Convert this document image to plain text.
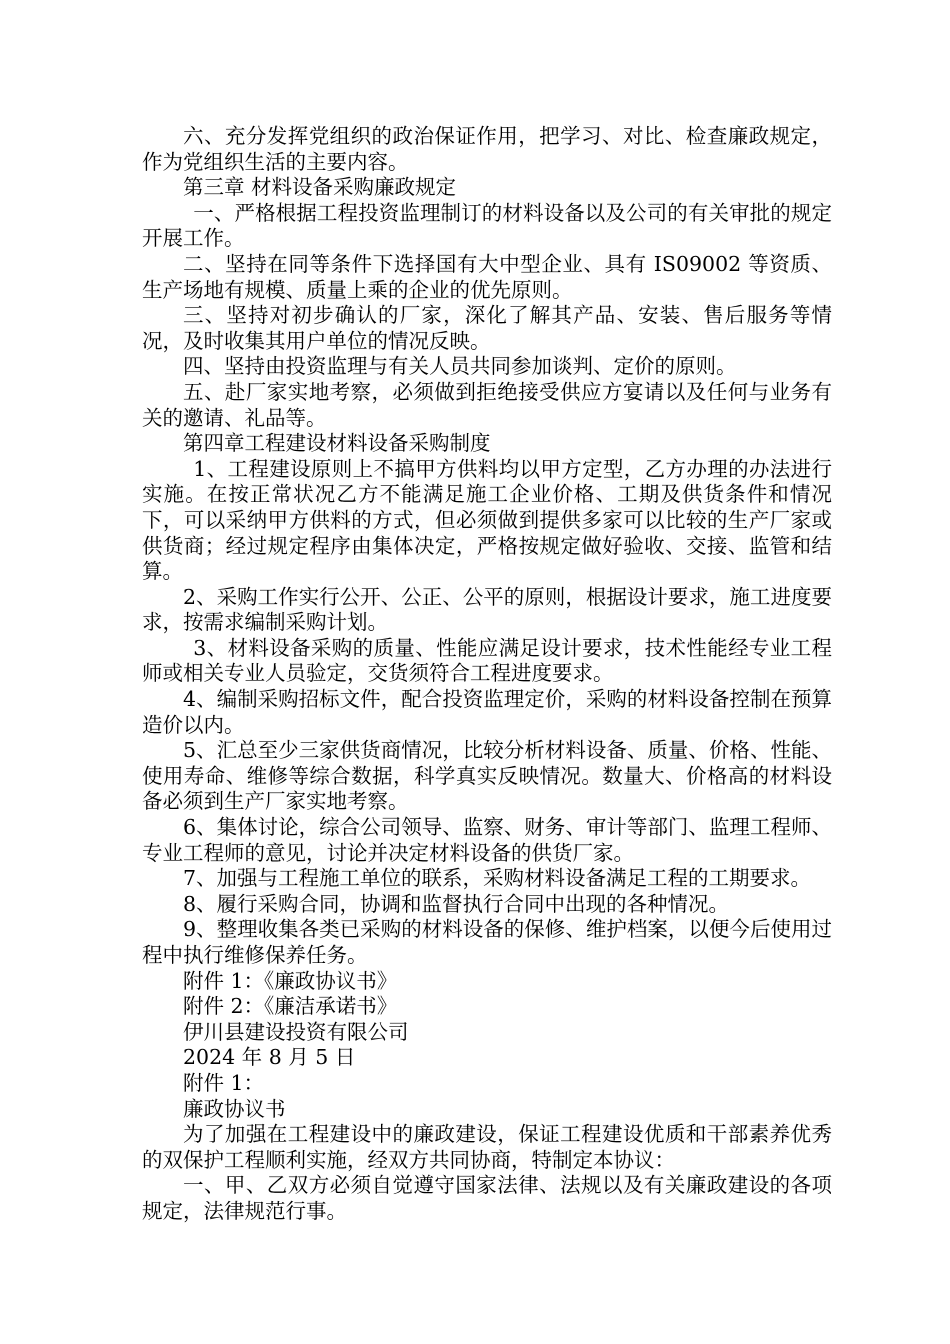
六、充分发挥党组织的政治保证作用，把学习、对比、检查廉政规定，作为党组织生活的主要内容。

第三章 材料设备采购廉政规定

一、严格根据工程投资监理制订的材料设备以及公司的有关审批的规定开展工作。

二、坚持在同等条件下选择国有大中型企业、具有 IS09002 等资质、生产场地有规模、质量上乘的企业的优先原则。

三、坚持对初步确认的厂家，深化了解其产品、安装、售后服务等情况，及时收集其用户单位的情况反映。

四、坚持由投资监理与有关人员共同参加谈判、定价的原则。

五、赴厂家实地考察，必须做到拒绝接受供应方宴请以及任何与业务有关的邀请、礼品等。

第四章工程建设材料设备采购制度

1、工程建设原则上不搞甲方供料均以甲方定型，乙方办理的办法进行实施。在按正常状况乙方不能满足施工企业价格、工期及供货条件和情况下，可以采纳甲方供料的方式，但必须做到提供多家可以比较的生产厂家或供货商；经过规定程序由集体决定，严格按规定做好验收、交接、监管和结算。

2、采购工作实行公开、公正、公平的原则，根据设计要求，施工进度要求，按需求编制采购计划。

3、材料设备采购的质量、性能应满足设计要求，技术性能经专业工程师或相关专业人员验定，交货须符合工程进度要求。

4、编制采购招标文件，配合投资监理定价，采购的材料设备控制在预算造价以内。

5、汇总至少三家供货商情况，比较分析材料设备、质量、价格、性能、使用寿命、维修等综合数据，科学真实反映情况。数量大、价格高的材料设备必须到生产厂家实地考察。

6、集体讨论，综合公司领导、监察、财务、审计等部门、监理工程师、专业工程师的意见，讨论并决定材料设备的供货厂家。

7、加强与工程施工单位的联系，采购材料设备满足工程的工期要求。

8、履行采购合同，协调和监督执行合同中出现的各种情况。

9、整理收集各类已采购的材料设备的保修、维护档案，以便今后使用过程中执行维修保养任务。

附件 1：《廉政协议书》

附件 2：《廉洁承诺书》

伊川县建设投资有限公司

2024 年 8 月 5 日

附件 1：

廉政协议书

为了加强在工程建设中的廉政建设，保证工程建设优质和干部素养优秀的双保护工程顺利实施，经双方共同协商，特制定本协议：

一、甲、乙双方必须自觉遵守国家法律、法规以及有关廉政建设的各项规定，法律规范行事。
